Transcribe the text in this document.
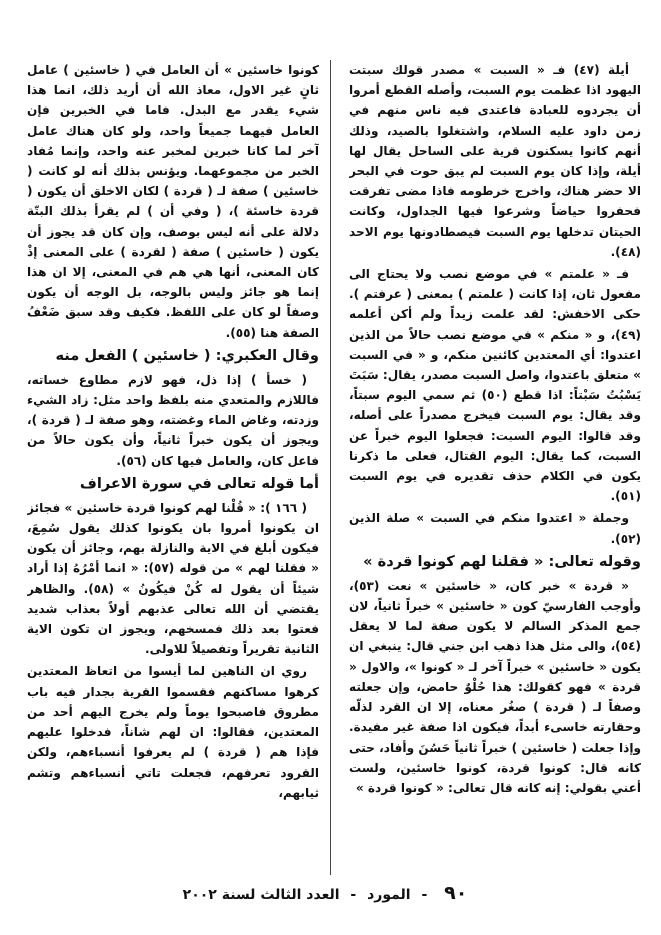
أيلة (٤٧) فـ « السبت » مصدر قولك سبتت اليهود اذا عظمت يوم السبت، وأصله القطع أمروا أن يجردوه للعبادة فاعتدى فيه ناس منهم في زمن داود عليه السلام، واشتغلوا بالصيد، وذلك أنهم كانوا يسكنون قرية على الساحل يقال لها أيلة، وإذا كان يوم السبت لم يبق حوت في البحر الا حضر هناك، واخرج خرطومه فاذا مضى تفرقت فحفروا حياضاً وشرعوا فيها الجداول، وكانت الحيتان تدخلها يوم السبت فيصطادونها يوم الاحد (٤٨).

فـ « علمتم » في موضع نصب ولا يحتاج الى مفعول ثان، إذا كانت ( علمتم ) بمعنى ( عرفتم ). حكى الاخفش: لقد علمت زيداً ولم أكن أعلمه (٤٩)، و « منكم » في موضع نصب حالاً من الذين اعتدوا: أي المعتدين كائنين منكم، و « في السبت » متعلق باعتدوا، واصل السبت مصدر، يقال: سَبَتَ يَسْبُتُ سَبْتاً: اذا قطع (٥٠) ثم سمي اليوم سبتاً، وقد يقال: يوم السبت فيخرج مصدراً على أصله، وقد قالوا: اليوم السبت: فجعلوا اليوم خبراً عن السبت، كما يقال: اليوم القتال، فعلى ما ذكرنا يكون في الكلام حذف تقديره في يوم السبت (٥١).

وجملة « اعتدوا منكم في السبت » صلة الذين (٥٢).

وقوله تعالى: « فقلنا لهم كونوا قردة »

« قردة » خبر كان، « خاسئين » نعت (٥٣)، وأوجب الفارسيّ كون « خاسئين » خبراً ثانياً، لان جمع المذكر السالم لا يكون صفة لما لا يعقل (٥٤)، والى مثل هذا ذهب ابن جني قال: ينبغي ان يكون « خاسئين » خبراً آخر لـ « كونوا »، والاول « قردة » فهو كقولك: هذا حُلْوٌ حامض، وإن جعلته وصفاً لـ ( قردة ) صغُر معناه، إلا ان القرد لذلّه وحقارته خاسىء أبداً، فيكون اذا صفة غير مفيدة. وإذا جعلت ( خاسئين ) خبراً ثانياً حَسُنَ وأفاد، حتى كانه قال: كونوا قردة، كونوا خاسئين، ولست أعني بقولي: إنه كانه قال تعالى: « كونوا قردة »

كونوا خاسئين » أن العامل في ( خاسئين ) عامل ثانٍ غير الاول، معاذ الله أن أريد ذلك، انما هذا شيء يقدر مع البدل. فاما في الخبرين فإن العامل فيهما جميعاً واحد، ولو كان هناك عامل آخر لما كانا خبرين لمخبر عنه واحد، وإنما مُفاد الخبر من مجموعهما. ويؤنس بذلك أنه لو كانت ( خاسئين ) صفة لـ ( قردة ) لكان الاخلق أن يكون ( قردة خاسئة )، ( وفي أن ) لم يقرأ بذلك البتّة دلالة على أنه ليس بوصف، وإن كان قد يجوز أن يكون ( خاسئين ) صفة ( لقردة ) على المعنى إذْ كان المعنى، أنها هي هم في المعنى، إلا ان هذا إنما هو جائز وليس بالوجه، بل الوجه أن يكون وصفاً لو كان على اللفظ. فكيف وقد سبق ضَعْفُ الصفة هنا (٥٥).

وقال العكبري: ( خاسئين ) الفعل منه

( خسأ ) إذا ذل، فهو لازم مطاوع خساته، فاللازم والمتعدي منه بلفظ واحد مثل: زاد الشيء وزدته، وغاض الماء وغضته، وهو صفة لـ ( قردة )، ويجوز أن يكون خبراً ثانياً، وأن يكون حالاً من فاعل كان، والعامل فيها كان (٥٦).

أما قوله تعالى في سورة الاعراف

( ١٦٦ ): « قُلْنا لهم كونوا قردة خاسئين » فجائز ان يكونوا أمروا بان يكونوا كذلك يقول سُمِعَ، فيكون أبلغ في الاية والنازلة بهم، وجائز أن يكون « فقلنا لهم » من قوله (٥٧): « انما أمْرُهُ إذا أراد شيئاً أن يقول له كُنْ فيكُونُ » (٥٨). والظاهر يقتضي أن الله تعالى عذبهم أولاً بعذاب شديد فعتوا بعد ذلك فمسخهم، ويجوز ان تكون الاية الثانية تقريراً وتفصيلاً للاولى.

روي ان الناهين لما أيسوا من اتعاظ المعتدين كرهوا مساكنهم فقسموا القرية بجدار فيه باب مطروق فاصبحوا يوماً ولم يخرج اليهم أحد من المعتدين، فقالوا: ان لهم شاناً، فدخلوا عليهم فإذا هم ( قردة ) لم يعرفوا أنسباءهم، ولكن القرود تعرفهم، فجعلت تاتي أنسباءهم وتشم ثيابهم،

٩٠ - المورد - العدد الثالث لسنة ٢٠٠٢
